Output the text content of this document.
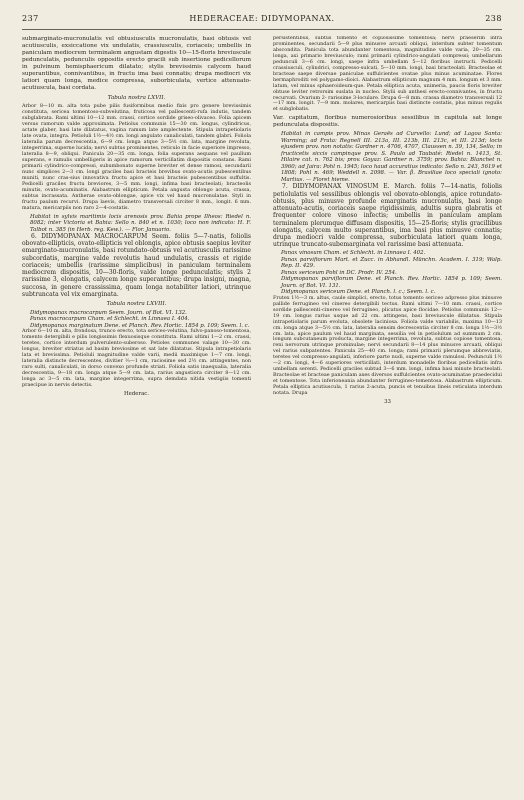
237	HEDERACEAE: DIDYMOPANAX.	238

submarginato-mucronulatis vel obtusiusculis mucronulatis, basi obtusis vel acutiusculis, exsiccatione vix undulatis, crassiusculis, coriaceis; umbellis in paniculam mediocrem terminalem angustam digestis 10—15-floris breviuscule pedunculatis, pedunculis oppositis erecto gracili sub insertione pedicellorum in pulvinum hemisphaericum dilatato; stylis brevissimis calycem haud superantibus, connivantibus, in fructu ima basi connatis; drupa mediocri vix latiori quam longa, medice compressa, suborbiculata, vertice attenuato-acutiuscula, basi cordata.

Tabula nostra LXVII.

Arbor 8—10 m. alta tota pube pilis fusiformibus medio fixis pro genere brevissimis constituta, sericea tomentoso-subvelutina, fruticosa vel pallescenti-rufa indutis, tandem subglabrata. Rami ultimi 10—12 mm. crassi, cortice sordide griseo-olivaceo. Folia apicem versus ramorum valde approximata. Petiolus communis 15—30 cm. longus, cylindricus, actate glaber, basi late dilatatus, vagina ramum late amplectente. Stipula intrapetiolaris late ovata, integra. Petioluli 1½—4½ cm. longi angulato canaliculati, tandem glabri. Foliola lateralia parum decrescentia, 6—9 cm. longa atque 3—5½ cm. lata, margine revoluta, integerrima, superne lucida; nervi subtus prominentes, reticulo in facie superiore impresso, lateralia 8—9, obliqui. Panicula 20—35 cm. longa, folia superans aequans vel paullum superans, e ramulis umbelligeris in apice ramorum verticillatim dispositis constans. Rami primarii cylindrico-compressi, subumbonato superne breviter et dense ramosi, secundarii nunc simplices 2—3 cm. longi graciles basi bracteis brevibus ovato-acutis pubescentibus muniti, nunc cras-sius innovativa fructu apice et basi bracteis pubescentibus suffultis. Pedicelli graciles fructu breviores, 3—5 mm. longi, infima basi bracteolati; bracteolis minutis, ovato-acuminatis. Alabastrum ellipticum. Petala angusta oblongo acuta, crassa, subtus incrassata. Antherae ovato-oblongae, apice vix vel haud mucronulatae. Styli in fructu paulum recurvi. Drupa laevis, diametro transversali circiter 8 mm., longit. 6 mm. matura, mericarpiis non raro 2—4-costatis.

Habitat in sylvis maritimis locis arenosis prov. Bahia prope Ilheos: Riedel n. 8082; inter Victoria et Bahia: Sello n. 840 et n. 1030; loco non indicato: H. F. Talbot n. 385 (in Herb. reg. Kew.). — Flor. Januario.

6. DIDYMOPANAX MACROCARPUM Seem. foliis 5—7-natis, foliolis obovato-ellipticis, ovato-ellipticis vel oblongis, apice obtusis saepius leviter emarginato-mucronulatis, basi rotundato-obtusis vel acutiusculis rarissime subcordatis, margine valde revolutis haud undulatis, crassis et rigide coriaceis; umbellis (rarissime simplicibus) in paniculam terminalem mediocrem dispositis, 10—30-floris, valde longe pedunculatis; stylis 2 rarissime 3, elongatis, calycem longe superantibus; drupa insigni, magna, succosa, in genere crassissima, quam longa notabiliter latiori, utrinque subtruncata vel vix emarginata.

Tabula nostra LXVIII.

Didymopanax macrocarpum Seem. Journ. of Bot. VI. 132.

Panax macrocarpum Cham. et Schlecht. in Linnaea I. 404.

Didymopanax marginatum Dene. et Planch. Rev. Hortic. 1854 p. 109; Seem. l. c.

Arbor 6—10 m. alta, frondosa, trunco erecto, tota sericeo-velutina, fulvo-panoso-tomentosa, tomento detergibili e pilis longissimis flexuosisque constituta. Rami ultimi 1—2 cm. crassi, teretes, cortice interdum pulverulento-suberoso. Petioles communes valage 10—30 cm. longus, breviter striatus ad basim breviosime et sat late dilatatus. Stipula intrapetiolaris lata et brevissima. Petioluli magnitudine valde varii, medii maximique 1—7 cm. longi, lateralia distincte decrescentes, divitier ⅓—1 cm, raciosime sed 2½ cm. attingentes, non raro sulti, canaliculati, in dorso convexo profunde striati. Foliola satis inaequalia, lateralia decrescentia, 9—18 cm. longa atque 5—9 cm. lata, rarius angustiora circiter 8—12 cm. longa ac 3—5 cm. lata, margine integerrima, supra demdata nitida vestigiis tomenti praecipue in nervis detectis.

Hederac.

persistentibus, subtus tomento et copiosissime tomentosa; nervi praeserim infra prominentes, secundarii 5—9 plus minusve arcuati obliqui, interdum subter tomentum abscondita. Panicula tota abundanter tomentosa, magnitudine valde varia, 20—35 cm. longa, axi primario breviusculo; rami primarii cylindrico-angulati compressi; umbellarum pedunculi 3—6 cm. longi, saepe infra umbellam 5—12 floribus instructi. Pedicelli crassiusculi, cylindrici, compresso-sulcati, 5—10 mm. longi, basi bracteolati. Bracteolae et bracteae saepe diversae paniculae suffulcientes ovatae plus minus acuminatae. Flores hermaphroditi vel polygamo-dioici. Alabastrum ellipticum magnum 4 mm. longum et 3 mm. latum, vel minus sphaeroideum-que. Petala elliptica acuta, unimeria, paucis floris breviter obtuse leviter retrorsim suslata in nucleo. Stylii sub anthesi erecto-connivantes, in fructu recurvati. Ovarium 2- rarissime 3-loculare. Drupa 6—8 mm. crassa diametro transversali 12—17 mm. longit. 7—9 mm. molares, mericarpiis basi distincte costatis, plus minus regulis et subglobatis.

Var. capitatum, floribus numerosioribus sessilibus in capitula sat longe pedunculata dispositis.

Habitat in campis prov. Minas Geraës ad Curvello: Lund; ad Lagoa Santa: Warming; ad Frata: Regnell III. 213a, III. 213b, III. 213c, et III. 213d; locis ejusdem prov. non notatis: Gardner n. 4706, 4707, Claussen n. 39, 134, Sello; in fructicetis siccis campinque prov. S. Paulo ad Taubaté: Riedel n. 1413, St. Hilaire cat. n. 762 bis; prov. Goyaz: Gardner n. 3759; prov. Bahia: Blanchet n. 3960; ad Jaira: Pohl n. 1945; loco haud accuratius indicato: Sello n. 243, 5619 et 1808; Pohl n. 469; Weddell n. 2098. — Var. β. Brasiliae loco speciali ignoto: Martius. — Floret hieme.

7. DIDYMOPANAX VINOSUM E. March. foliis 7—14-natis, foliolis petiolulatis vel sessilibus oblongis vel obovato-oblongis, apice rotundato-obtusis, plus minusve profunde emarginatis mucronulatis, basi longe attenuato-acutis, coriaceis saepe rigidissimis, adultis supra glabratis et frequenter colore vinoso infectis; umbellis in paniculam amplam terminalem plerumque diffusam dispositis, 15—25-floris; stylis gracillibus elongatis, calycem multo superantibus, ima basi plus minusve connatis; drupa mediocri valde compressa, suborbiculata latiori quam longa, utrinque truncato-subemarginata vel rarissime basi attenuata.

Panax vinosum Cham. et Schlecht. in Linnaea I. 402.

Panax parvifiorum Mart. et Zucc. in Abhandl. Münchn. Academ. I. 319; Walp. Rep. II. 429.

Panax sericeum Pohl in DC. Prodr. IV. 254.

Didymopanax parviflorum Dene. et Planch. Rev. Hortic. 1854 p. 109; Seem. Journ. of Bot. VI. 131.

Didymopanax sericeum Dene. et Planch. l. c.; Seem. l. c.

Frutex 1½—3 m. altus, caule simplici, erecto, totus tomento sericeo adpresso plus minusve pallide ferrugineo vel cinereo detergibili tectus. Rami ultimi 7—10 mm. crassi, cortice sordide pallescenti-cinereo vel ferrugineo, plicatus apice flocidae. Petiolus communis 12—19 cm. longus rarius usque ad 22 cm. attingens, basi breviuscule dilatatus. Stipula intrapetiolaris parum evoluta, obsolete laciniosa. Foliola valde variabilis, maxima 10—13 cm. longa atque 3—5½ cm. lata, lateralia sensim decrescentia circiter 8 cm. longa 1½—3½ cm. lata, apice paulum vel haud marginata, sessilia vel in petiolulum ad summum 2 cm. longum subcutaneum producta, margine integerrima, revoluta, subtus copiose tomentosa, reni nervorum utrinque prominulae; nervi secundarii 8—14 plus minusve arcuati, obliqui vel rarius subpatentes. Panicula 25—40 cm. longa; rami primarii plerumque abbreviatis, teretes vel compresso-angulati, inferiore parte nudi, superne valde ramulosi. Pedunculi 1½—2 cm. longi, 4—6 superiores verticillati, interdum monadelle floribus pedicellatis infra umbellam serenti. Pedicelli graciles subtud 3—6 mm. longi, infima basi minute bracteolati. Bracteolae et bracteae paniculam axes diversos suffulcientes ovato-acuminatae praedecidui et tomentose. Tota inferioneania abundanter ferrugineo-tomentosa. Alabastrum ellipticum. Petala elliptica acutiuscula, 1 rarius 2-acuta, puncis et tenuibus lineis reticulata interdum notata. Drupa

33
